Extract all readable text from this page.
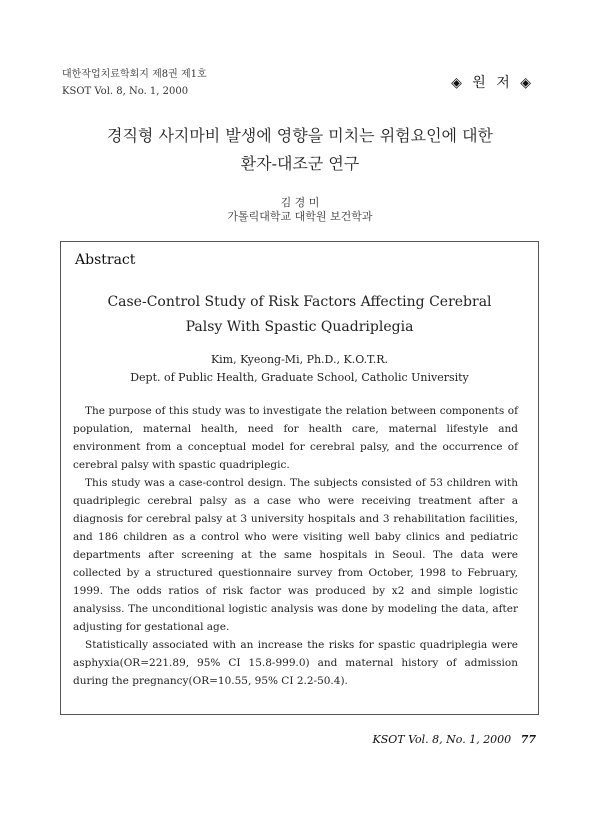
대한작업치료학회지 제8권 제1호
KSOT Vol. 8, No. 1, 2000
◈ 원 저 ◈
경직형 사지마비 발생에 영향을 미치는 위험요인에 대한
환자-대조군 연구
김 경 미
가톨릭대학교 대학원 보건학과
Abstract
Case-Control Study of Risk Factors Affecting Cerebral
Palsy With Spastic Quadriplegia
Kim, Kyeong-Mi, Ph.D., K.O.T.R.
Dept. of Public Health, Graduate School, Catholic University

The purpose of this study was to investigate the relation between components of population, maternal health, need for health care, maternal lifestyle and environment from a conceptual model for cerebral palsy, and the occurrence of cerebral palsy with spastic quadriplegic.

This study was a case-control design. The subjects consisted of 53 children with quadriplegic cerebral palsy as a case who were receiving treatment after a diagnosis for cerebral palsy at 3 university hospitals and 3 rehabilitation facilities, and 186 children as a control who were visiting well baby clinics and pediatric departments after screening at the same hospitals in Seoul. The data were collected by a structured questionnaire survey from October, 1998 to February, 1999. The odds ratios of risk factor was produced by x2 and simple logistic analysiss. The unconditional logistic analysis was done by modeling the data, after adjusting for gestational age.

Statistically associated with an increase the risks for spastic quadriplegia were asphyxia(OR=221.89, 95% CI 15.8-999.0) and maternal history of admission during the pregnancy(OR=10.55, 95% CI 2.2-50.4).

KSOT Vol. 8, No. 1, 2000 77
